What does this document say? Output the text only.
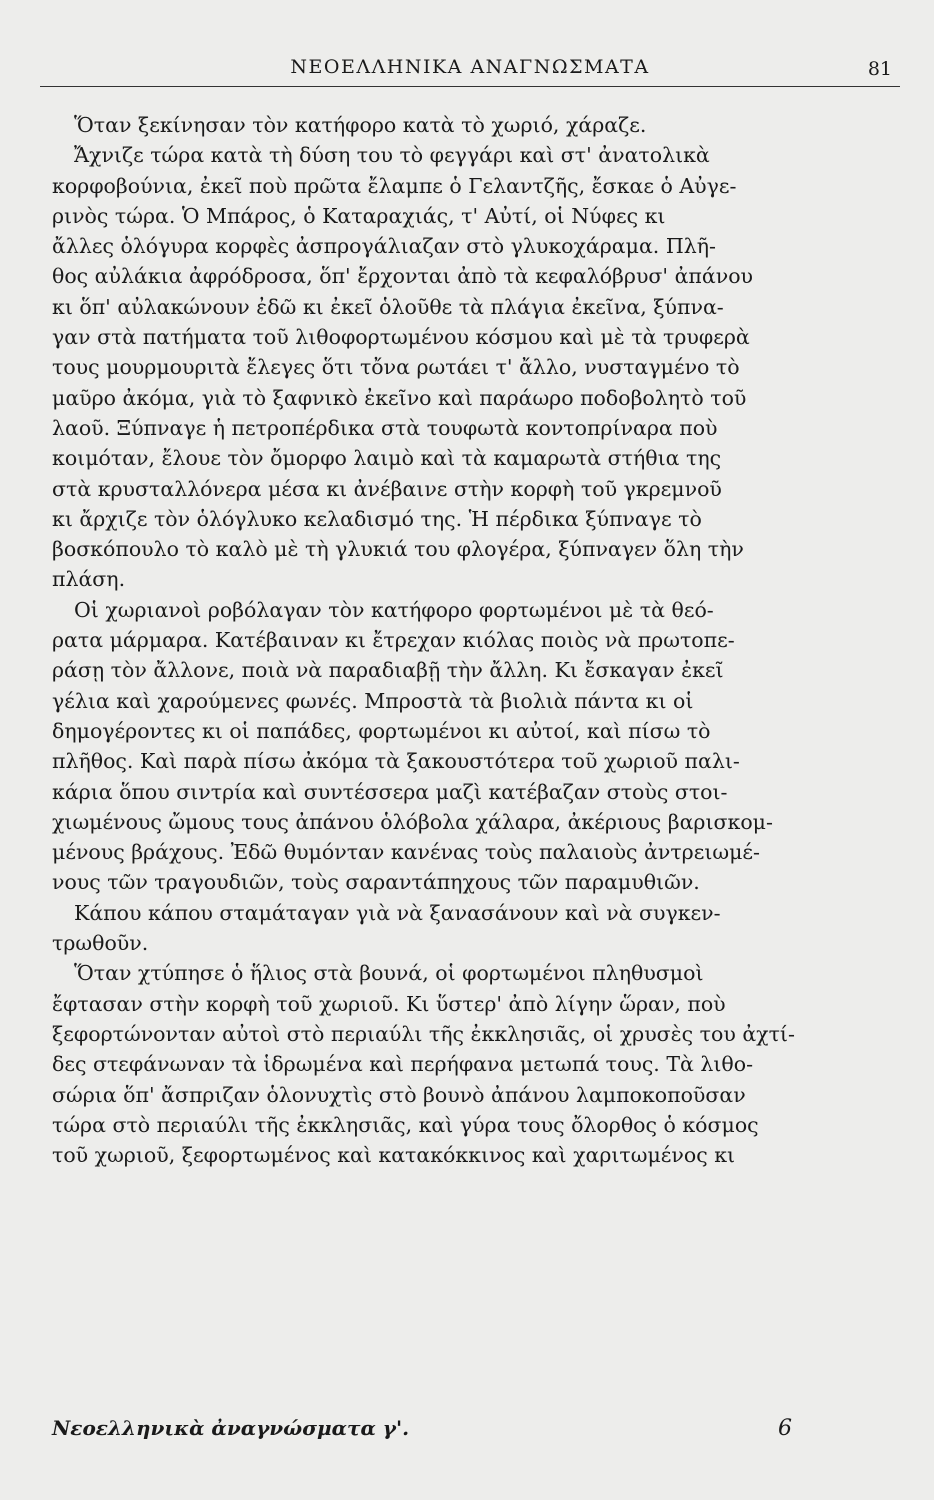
ΝΕΟΕΛΛΗΝΙΚΑ ΑΝΑΓΝΩΣΜΑΤΑ	81
Ὅταν ξεκίνησαν τὸν κατήφορο κατὰ τὸ χωριό, χάραζε.
Ἄχνιζε τώρα κατὰ τὴ δύση του τὸ φεγγάρι καὶ στ' ἀνατολικὰ
κορφοβούνια, ἐκεῖ ποὺ πρῶτα ἔλαμπε ὁ Γελαντζῆς, ἔσκαε ὁ Αὐγε-
ρινὸς τώρα. Ὁ Μπάρος, ὁ Καταραχιάς, τ' Αὐτί, οἱ Νύφες κι
ἄλλες ὁλόγυρα κορφὲς ἀσπρογάλιαζαν στὸ γλυκοχάραμα. Πλῆ-
θος αὐλάκια ἀφρόδροσα, ὅπ' ἔρχονται ἀπὸ τὰ κεφαλόβρυσ' ἀπάνου
κι ὅπ' αὐλακώνουν ἐδῶ κι ἐκεῖ ὁλοῦθε τὰ πλάγια ἐκεῖνα, ξύπνα-
γαν στὰ πατήματα τοῦ λιθοφορτωμένου κόσμου καὶ μὲ τὰ τρυφερὰ
τους μουρμουριτὰ ἔλεγες ὅτι τὄνα ρωτάει τ' ἄλλο, νυσταγμένο τὸ
μαῦρο ἀκόμα, γιὰ τὸ ξαφνικὸ ἐκεῖνο καὶ παράωρο ποδοβολητὸ τοῦ
λαοῦ. Ξύπναγε ἡ πετροπέρδικα στὰ τουφωτὰ κοντοπρίναρα ποὺ
κοιμόταν, ἔλουε τὸν ὄμορφο λαιμὸ καὶ τὰ καμαρωτὰ στήθια της
στὰ κρυσταλλόνερα μέσα κι ἀνέβαινε στὴν κορφὴ τοῦ γκρεμνοῦ
κι ἄρχιζε τὸν ὁλόγλυκο κελαδισμό της. Ἡ πέρδικα ξύπναγε τὸ
βοσκόπουλο τὸ καλὸ μὲ τὴ γλυκιά του φλογέρα, ξύπναγεν ὅλη τὴν
πλάση.
Οἱ χωριανοὶ ροβόλαγαν τὸν κατήφορο φορτωμένοι μὲ τὰ θεό-
ρατα μάρμαρα. Κατέβαιναν κι ἔτρεχαν κιόλας ποιὸς νὰ πρωτοπε-
ράσῃ τὸν ἄλλονε, ποιὰ νὰ παραδιαβῇ τὴν ἄλλη. Κι ἔσκαγαν ἐκεῖ
γέλια καὶ χαρούμενες φωνές. Μπροστὰ τὰ βιολιὰ πάντα κι οἱ
δημογέροντες κι οἱ παπάδες, φορτωμένοι κι αὐτοί, καὶ πίσω τὸ
πλῆθος. Καὶ παρὰ πίσω ἀκόμα τὰ ξακουστότερα τοῦ χωριοῦ παλι-
κάρια ὅπου σιντρία καὶ συντέσσερα μαζὶ κατέβαζαν στοὺς στοι-
χιωμένους ὤμους τους ἀπάνου ὁλόβολα χάλαρα, ἀκέριους βαρισκομ-
μένους βράχους. Ἐδῶ θυμόνταν κανένας τοὺς παλαιοὺς ἀντρειωμέ-
νους τῶν τραγουδιῶν, τοὺς σαραντάπηχους τῶν παραμυθιῶν.
Κάπου κάπου σταμάταγαν γιὰ νὰ ξανασάνουν καὶ νὰ συγκεν-
τρωθοῦν.
Ὅταν χτύπησε ὁ ἥλιος στὰ βουνά, οἱ φορτωμένοι πληθυσμοὶ
ἔφτασαν στὴν κορφὴ τοῦ χωριοῦ. Κι ὕστερ' ἀπὸ λίγην ὥραν, ποὺ
ξεφορτώνονταν αὐτοὶ στὸ περιαύλι τῆς ἐκκλησιᾶς, οἱ χρυσὲς του ἀχτί-
δες στεφάνωναν τὰ ἱδρωμένα καὶ περήφανα μετωπά τους. Τὰ λιθο-
σώρια ὅπ' ἄσπριζαν ὁλονυχτὶς στὸ βουνὸ ἀπάνου λαμποκοποῦσαν
τώρα στὸ περιαύλι τῆς ἐκκλησιᾶς, καὶ γύρα τους ὄλορθος ὁ κόσμος
τοῦ χωριοῦ, ξεφορτωμένος καὶ κατακόκκινος καὶ χαριτωμένος κι
Νεοελληνικὰ ἀναγνώσματα γ'.	6
